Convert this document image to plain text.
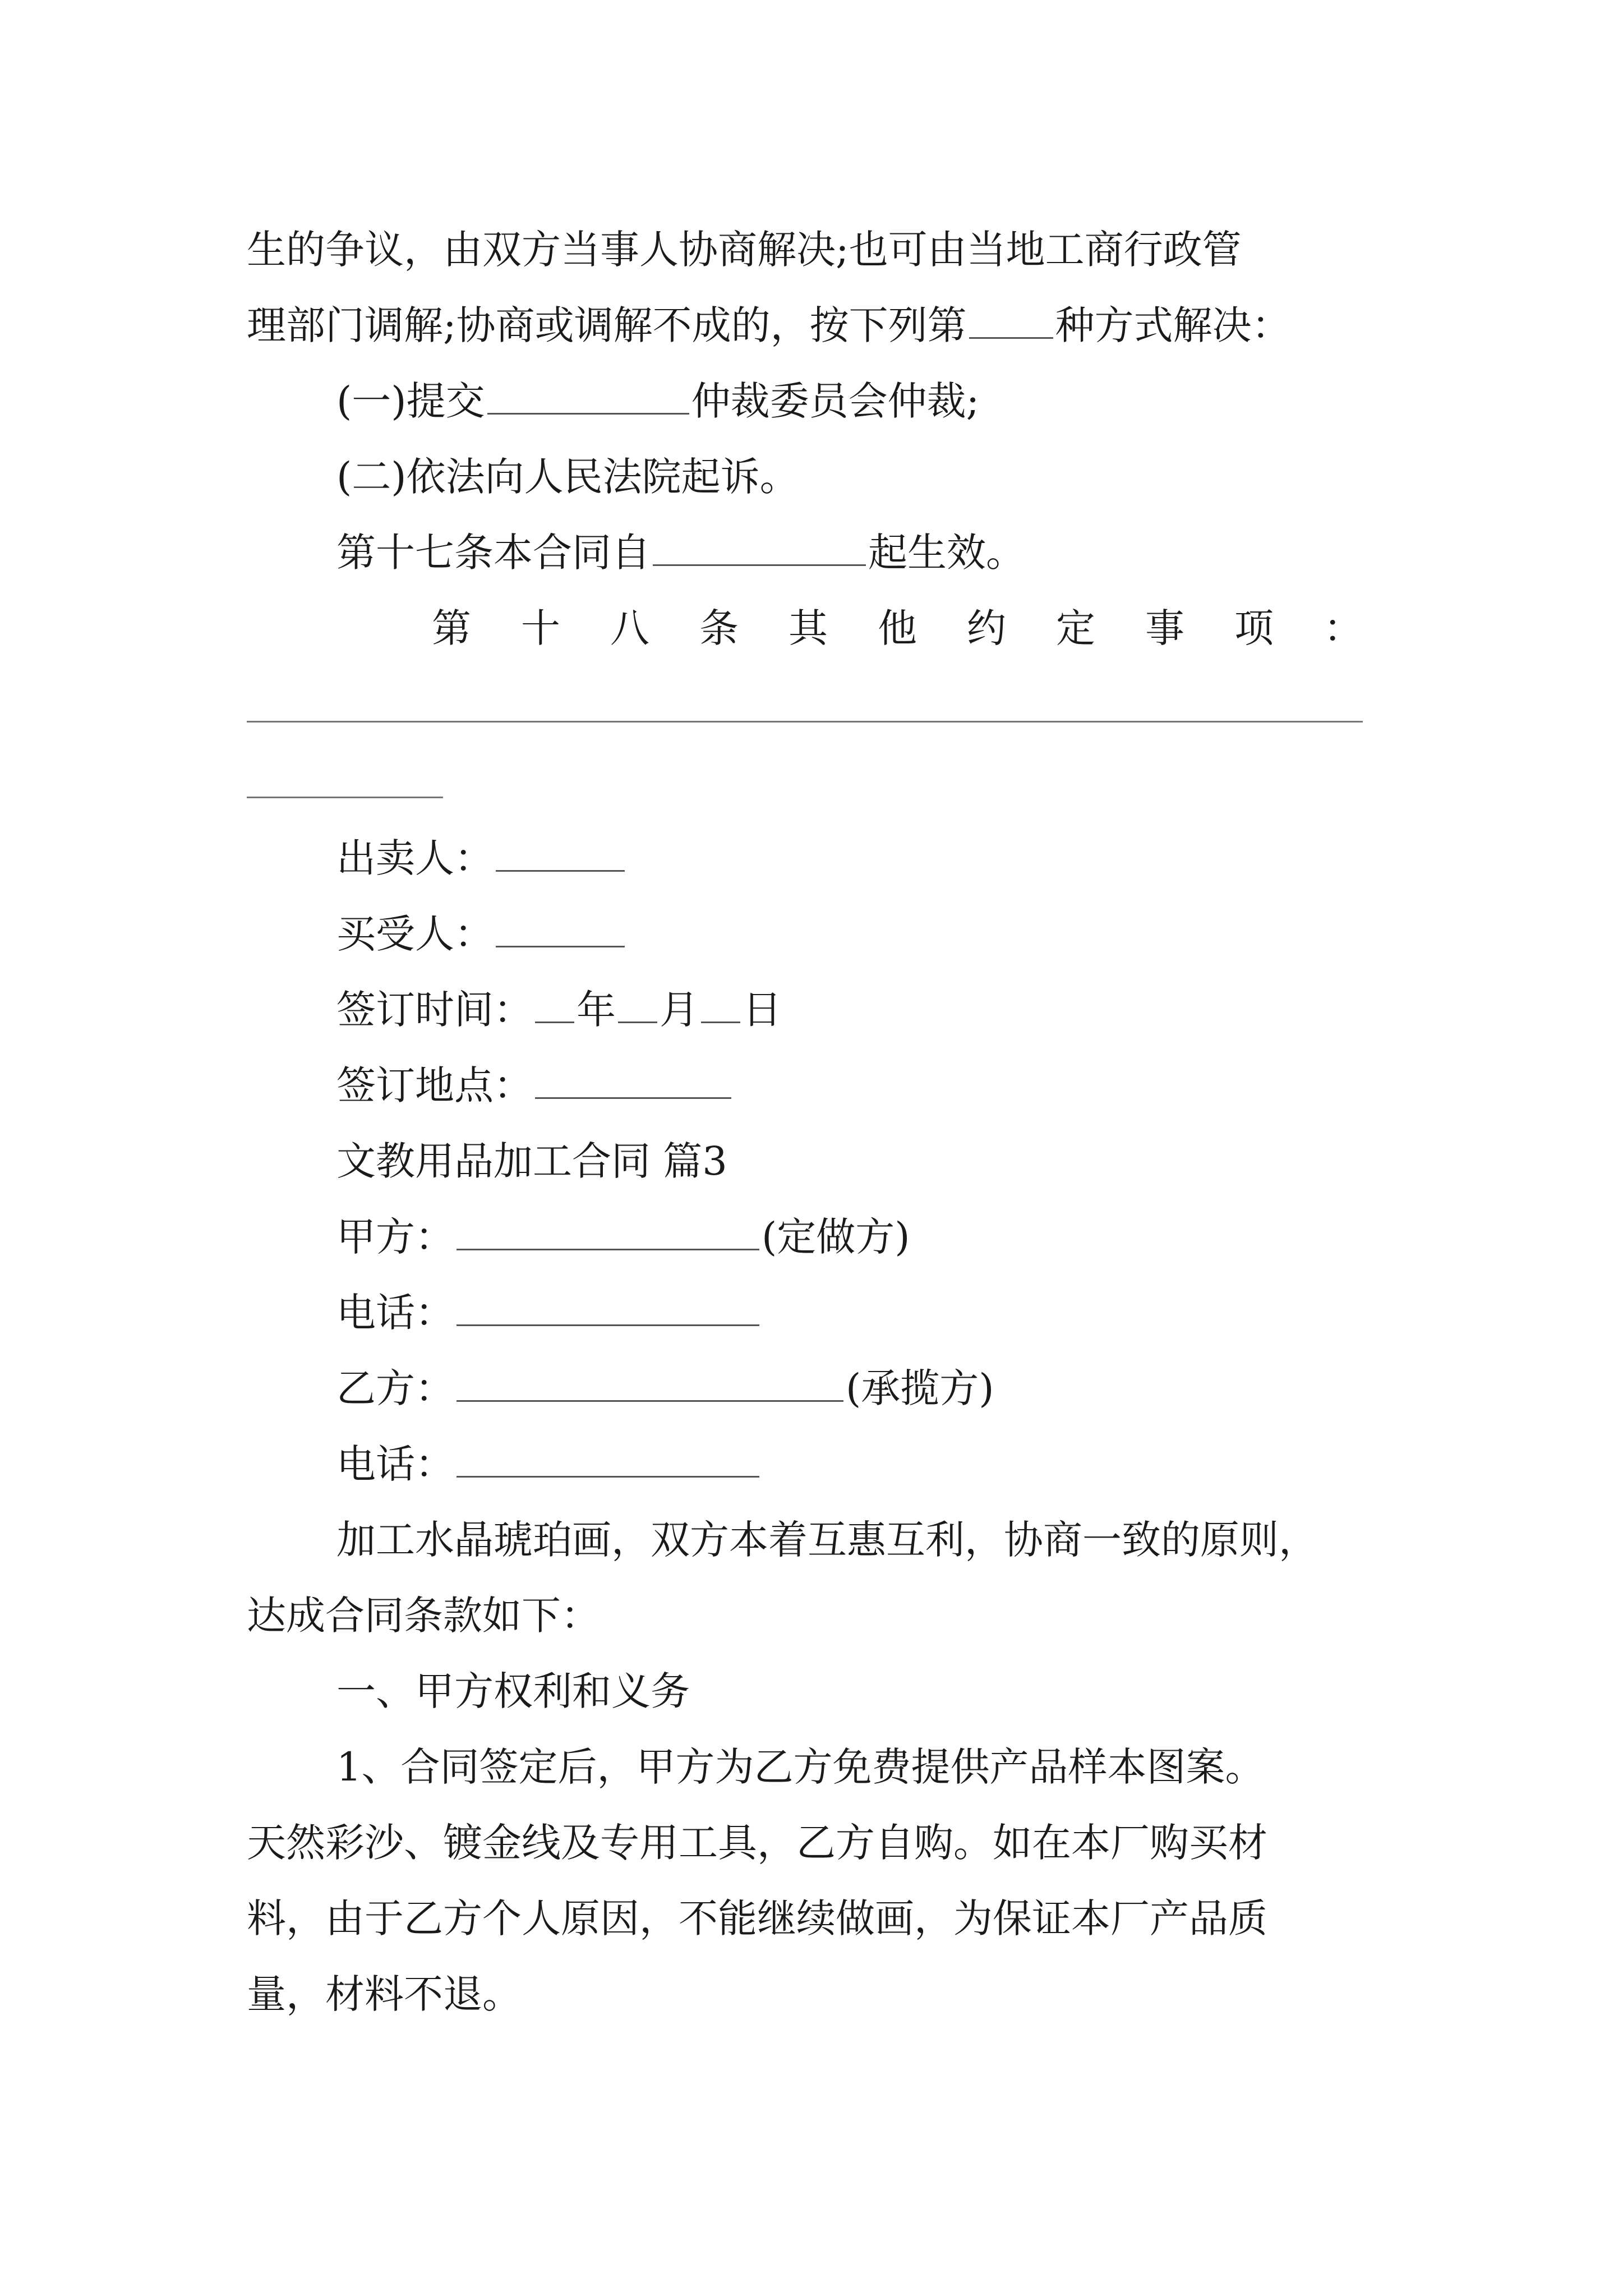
生的争议，由双方当事人协商解决;也可由当地工商行政管
理部门调解;协商或调解不成的，按下列第 种方式解决：
(一)提交	仲裁委员会仲裁;
(二)依法向人民法院起诉。
第十七条本合同自	起生效。
第 十 八 条 其 他 约 定 事 项 ：
出卖人：
买受人：
签订时间： 年 月 日
签订地点：
文教用品加工合同 篇3
甲方：	(定做方)
电话：
乙方：	(承揽方)
电话：
加工水晶琥珀画，双方本着互惠互利，协商一致的原则，
达成合同条款如下：
一、甲方权利和义务
1、合同签定后，甲方为乙方免费提供产品样本图案。
天然彩沙、镀金线及专用工具，乙方自购。如在本厂购买材
料，由于乙方个人原因，不能继续做画，为保证本厂产品质
量，材料不退。
